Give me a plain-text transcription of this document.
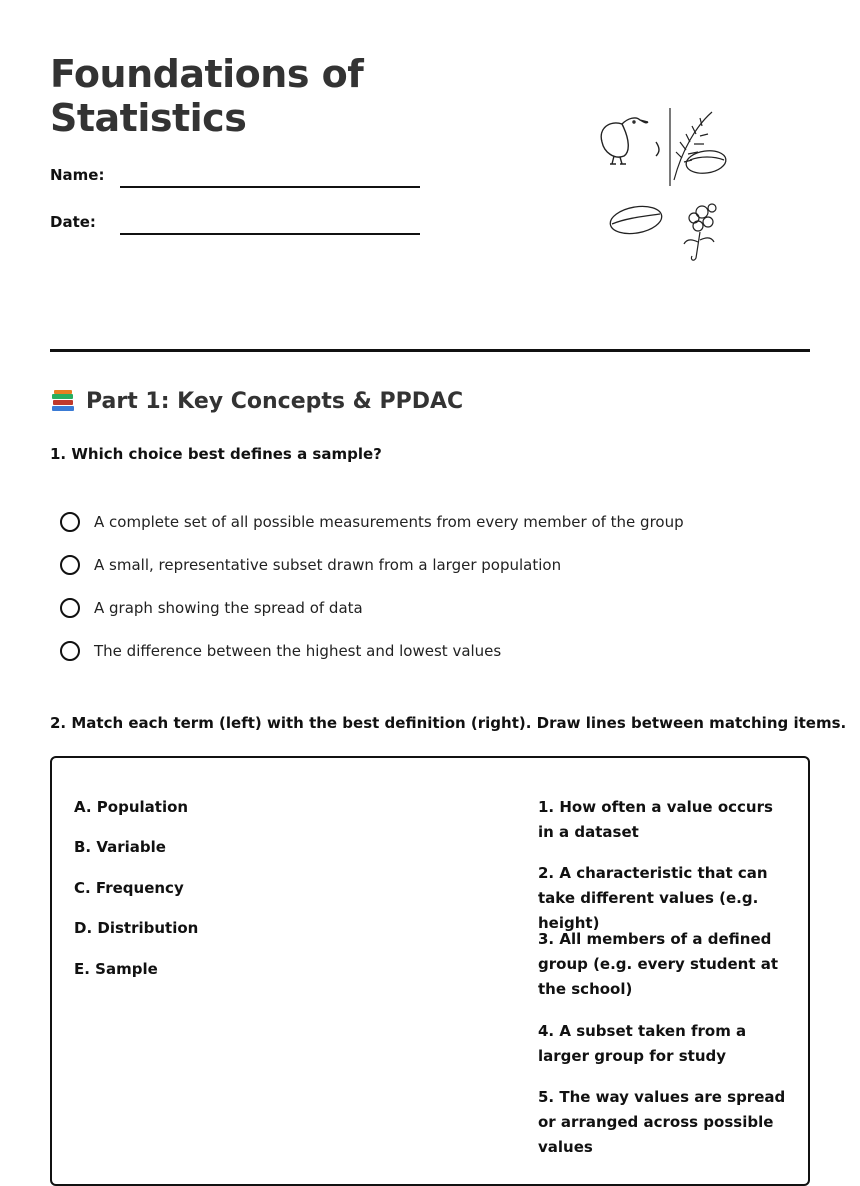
Foundations of Statistics
Name:
Date:
Part 1: Key Concepts & PPDAC
1. Which choice best defines a sample?
A complete set of all possible measurements from every member of the group
A small, representative subset drawn from a larger population
A graph showing the spread of data
The difference between the highest and lowest values
2. Match each term (left) with the best definition (right). Draw lines between matching items.
A. Population
B. Variable
C. Frequency
D. Distribution
E. Sample
1. How often a value occurs in a dataset
2. A characteristic that can take different values (e.g. height)
3. All members of a defined group (e.g. every student at the school)
4. A subset taken from a larger group for study
5. The way values are spread or arranged across possible values
